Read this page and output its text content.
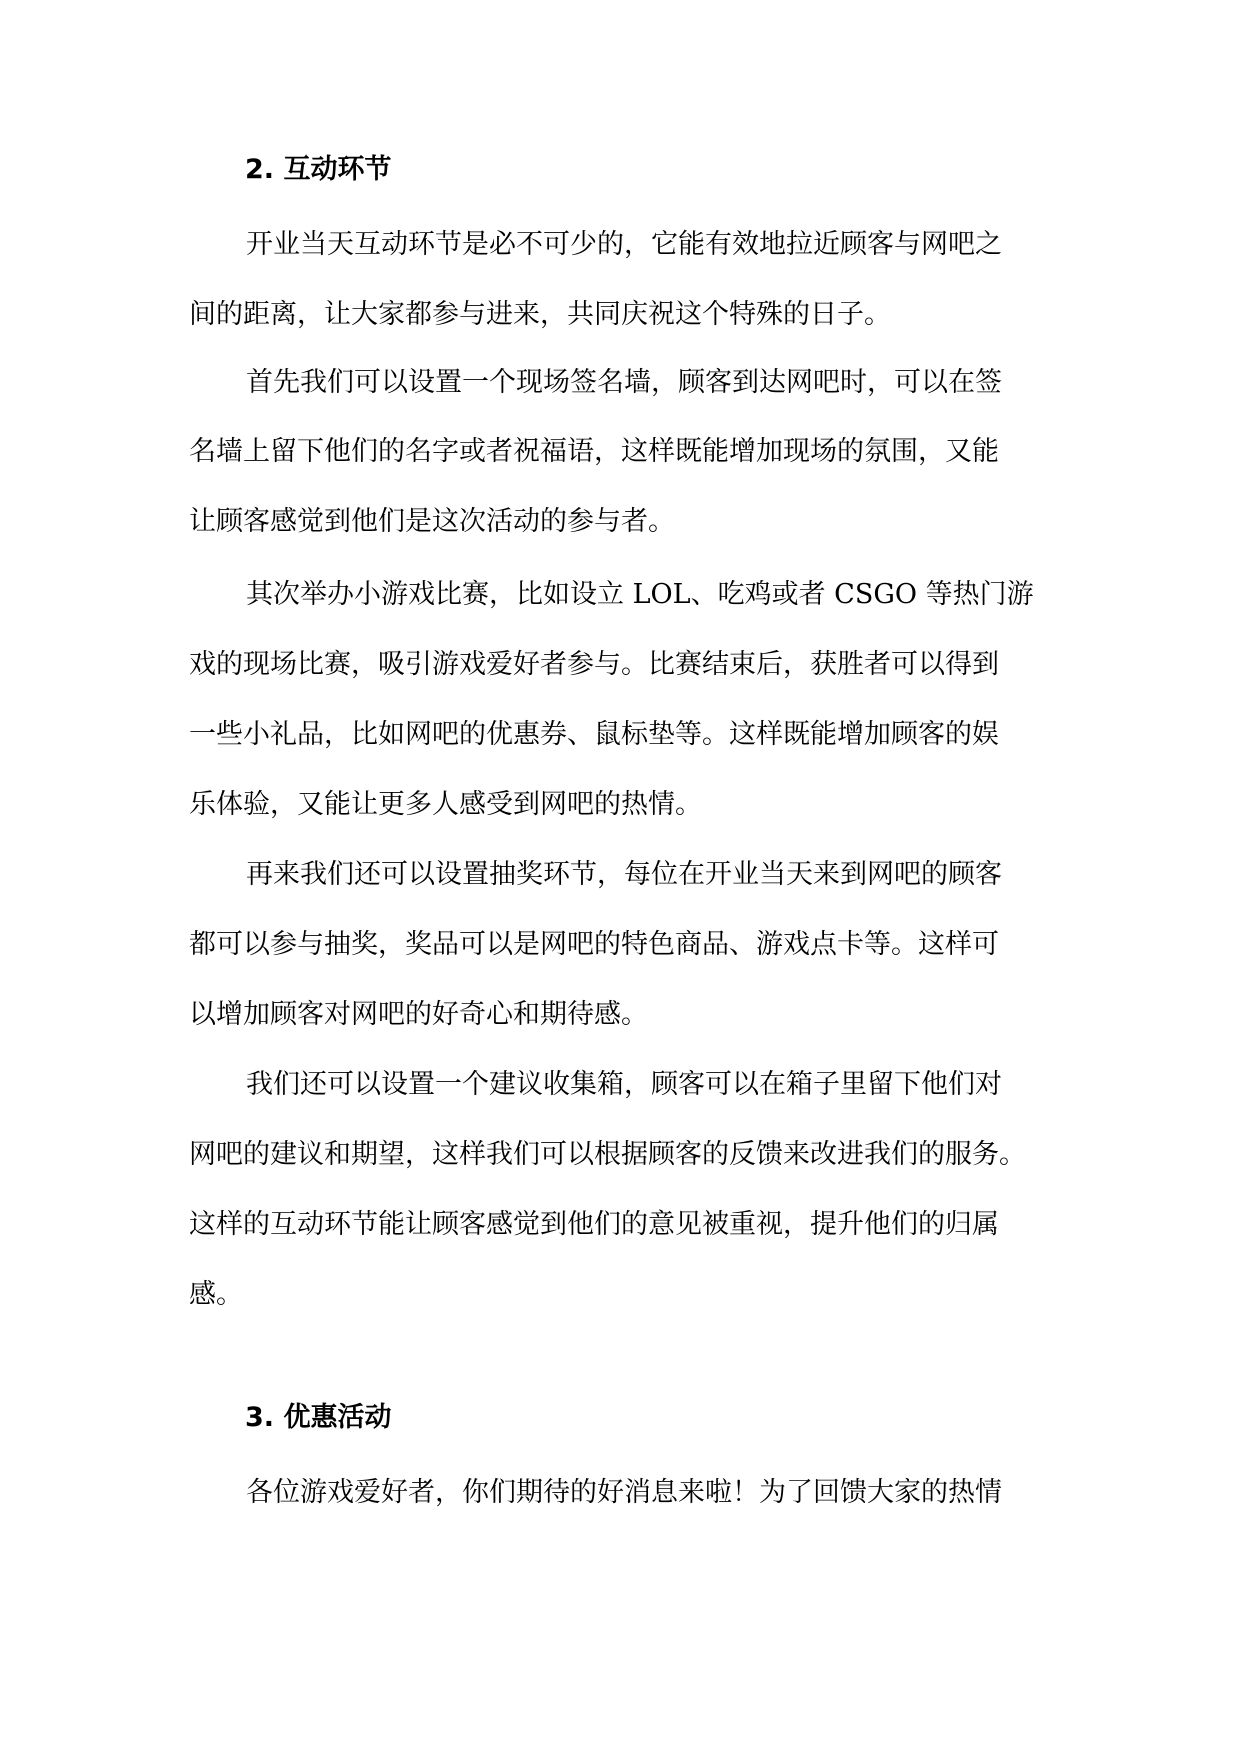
2. 互动环节
开业当天互动环节是必不可少的，它能有效地拉近顾客与网吧之
间的距离，让大家都参与进来，共同庆祝这个特殊的日子。
首先我们可以设置一个现场签名墙，顾客到达网吧时，可以在签
名墙上留下他们的名字或者祝福语，这样既能增加现场的氛围，又能
让顾客感觉到他们是这次活动的参与者。
其次举办小游戏比赛，比如设立 LOL、吃鸡或者 CSGO 等热门游
戏的现场比赛，吸引游戏爱好者参与。比赛结束后，获胜者可以得到
一些小礼品，比如网吧的优惠券、鼠标垫等。这样既能增加顾客的娱
乐体验，又能让更多人感受到网吧的热情。
再来我们还可以设置抽奖环节，每位在开业当天来到网吧的顾客
都可以参与抽奖，奖品可以是网吧的特色商品、游戏点卡等。这样可
以增加顾客对网吧的好奇心和期待感。
我们还可以设置一个建议收集箱，顾客可以在箱子里留下他们对
网吧的建议和期望，这样我们可以根据顾客的反馈来改进我们的服务。
这样的互动环节能让顾客感觉到他们的意见被重视，提升他们的归属
感。
3. 优惠活动
各位游戏爱好者，你们期待的好消息来啦！为了回馈大家的热情
